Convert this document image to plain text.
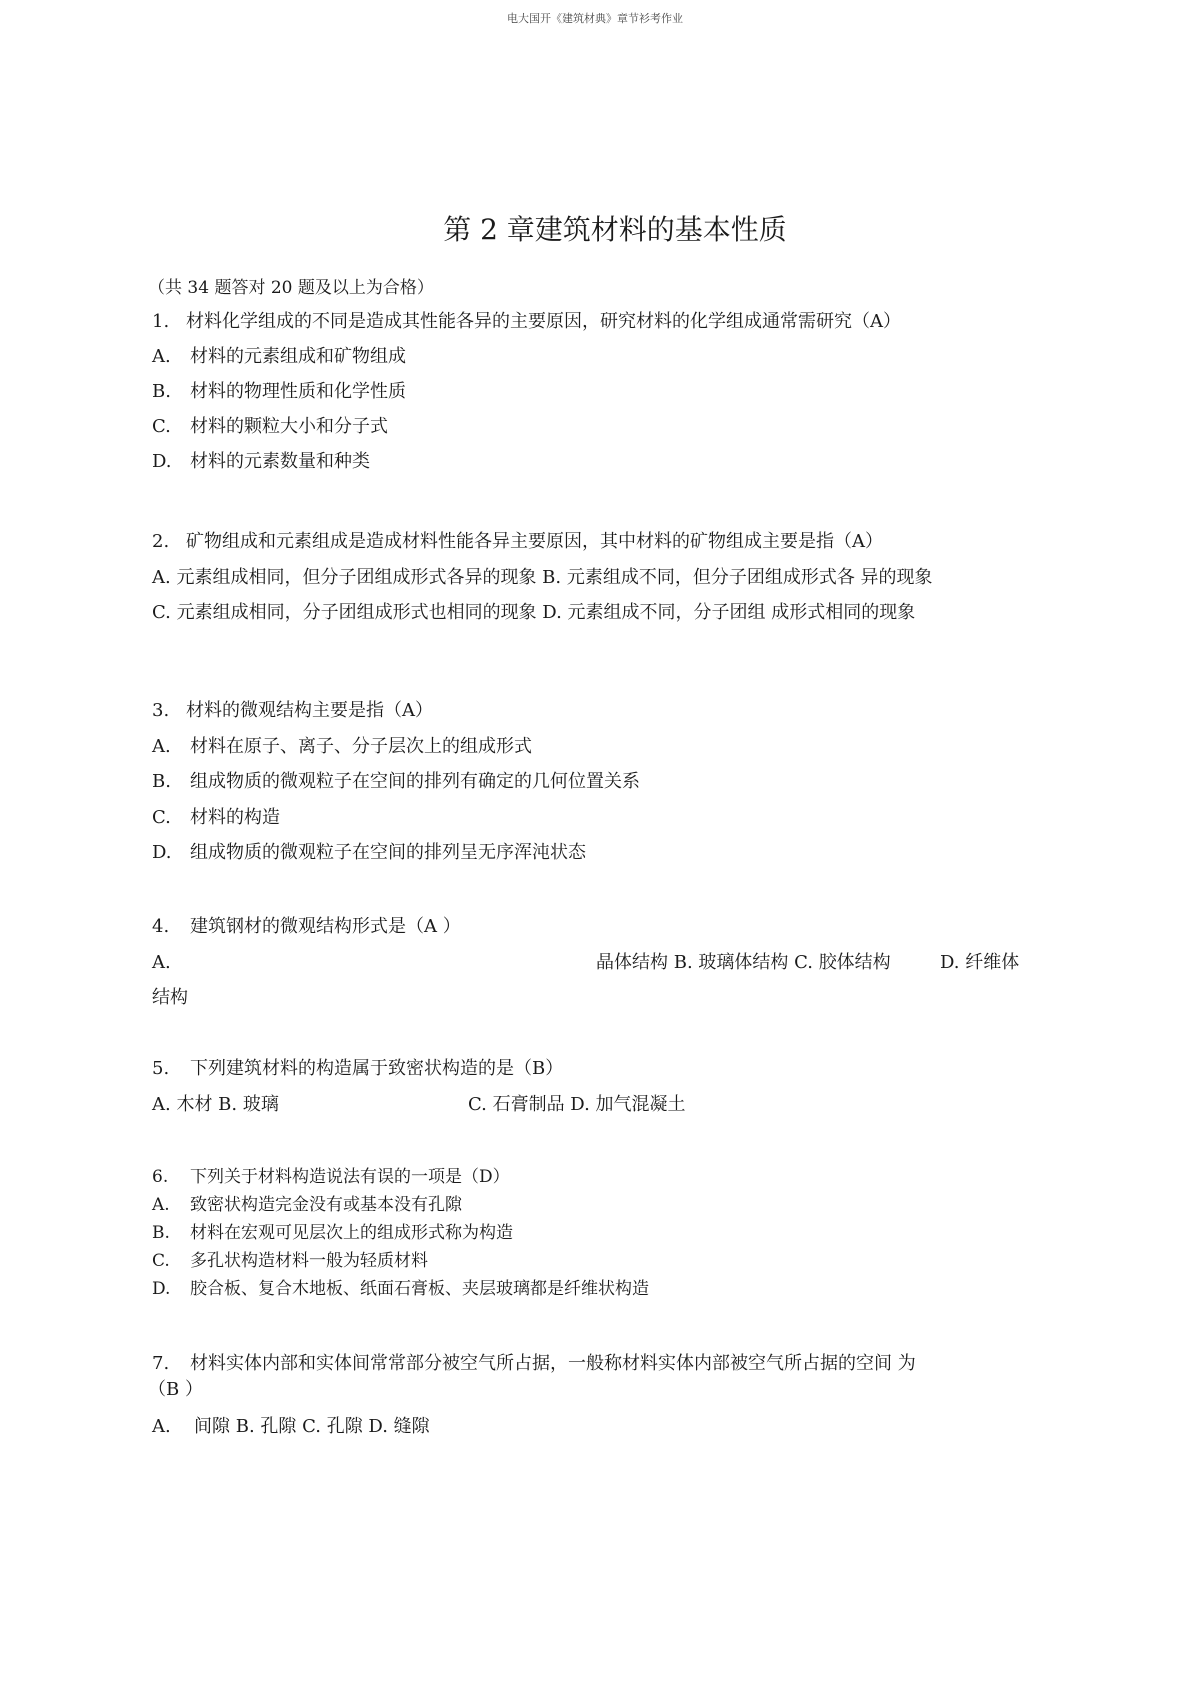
电大国开《建筑材典》章节衫考作业
第 2 章建筑材料的基本性质
（共 34 题答对 20 题及以上为合格）
1. 材料化学组成的不同是造成其性能各异的主要原因，研究材料的化学组成通常需研究（A）
A. 材料的元素组成和矿物组成
B. 材料的物理性质和化学性质
C. 材料的颗粒大小和分子式
D. 材料的元素数量和种类
2. 矿物组成和元素组成是造成材料性能各异主要原因，其中材料的矿物组成主要是指（A）
A. 元素组成相同，但分子团组成形式各异的现象 B. 元素组成不同，但分子团组成形式各 异的现象
C. 元素组成相同，分子团组成形式也相同的现象 D. 元素组成不同，分子团组 成形式相同的现象
3. 材料的微观结构主要是指（A）
A. 材料在原子、离子、分子层次上的组成形式
B. 组成物质的微观粒子在空间的排列有确定的几何位置关系
C. 材料的构造
D. 组成物质的微观粒子在空间的排列呈无序浑沌状态
4. 建筑钢材的微观结构形式是（A ）
A.	晶体结构 B. 玻璃体结构 C. 胶体结构	D. 纤维体
结构
5. 下列建筑材料的构造属于致密状构造的是（B）
A. 木材 B. 玻璃	C. 石膏制品 D. 加气混凝土
6. 下列关于材料构造说法有误的一项是（D）
A. 致密状构造完金没有或基本没有孔隙
B. 材料在宏观可见层次上的组成形式称为构造
C. 多孔状构造材料一般为轻质材料
D. 胶合板、复合木地板、纸面石膏板、夹层玻璃都是纤维状构造
7. 材料实体内部和实体间常常部分被空气所占据，一般称材料实体内部被空气所占据的空间 为
（B ）
A. 间隙 B. 孔隙 C. 孔隙 D. 缝隙
